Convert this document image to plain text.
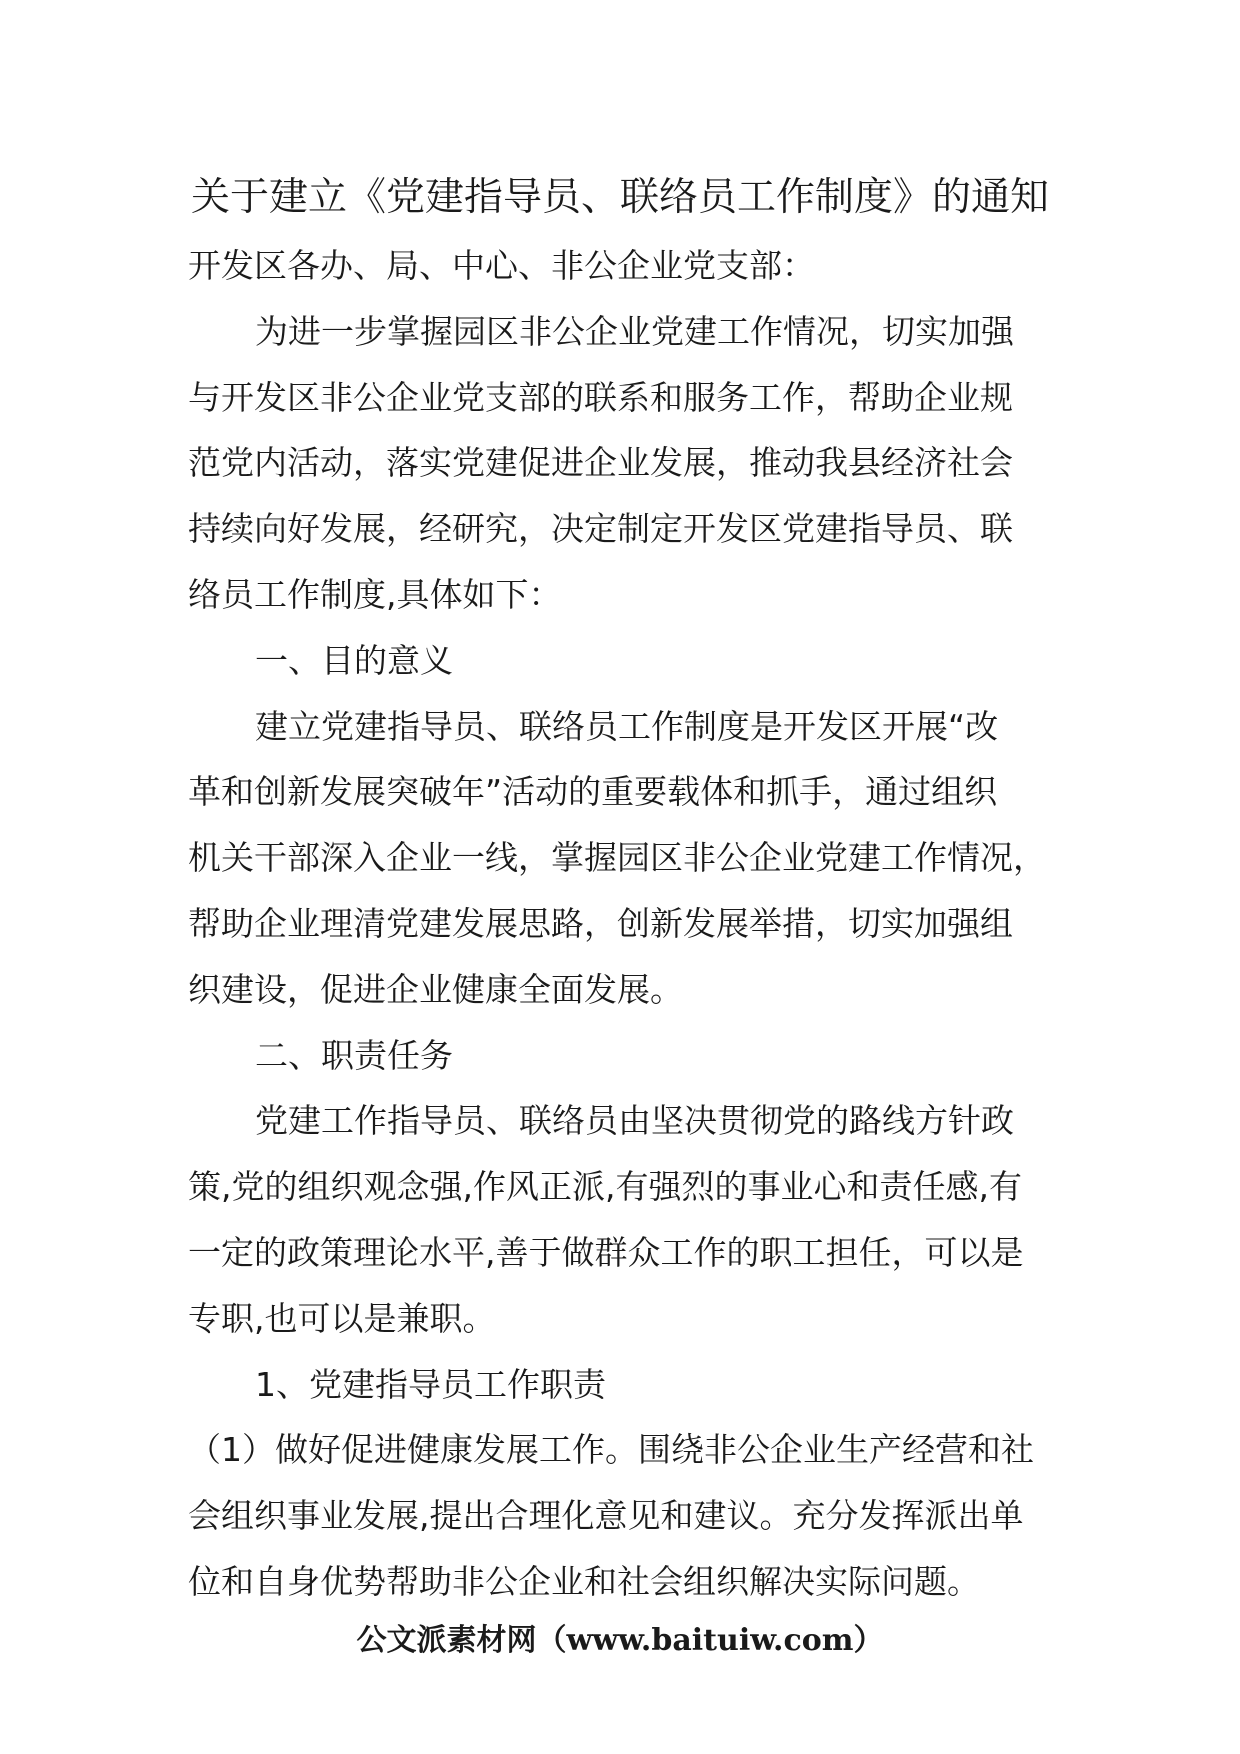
关于建立《党建指导员、联络员工作制度》的通知
开发区各办、局、中心、非公企业党支部：
为进一步掌握园区非公企业党建工作情况，切实加强
与开发区非公企业党支部的联系和服务工作，帮助企业规
范党内活动，落实党建促进企业发展，推动我县经济社会
持续向好发展，经研究，决定制定开发区党建指导员、联
络员工作制度,具体如下：
一、目的意义
建立党建指导员、联络员工作制度是开发区开展“改
革和创新发展突破年”活动的重要载体和抓手，通过组织
机关干部深入企业一线，掌握园区非公企业党建工作情况，
帮助企业理清党建发展思路，创新发展举措，切实加强组
织建设，促进企业健康全面发展。
二、职责任务
党建工作指导员、联络员由坚决贯彻党的路线方针政
策,党的组织观念强,作风正派,有强烈的事业心和责任感,有
一定的政策理论水平,善于做群众工作的职工担任，可以是
专职,也可以是兼职。
1、党建指导员工作职责
（1）做好促进健康发展工作。围绕非公企业生产经营和社
会组织事业发展,提出合理化意见和建议。充分发挥派出单
位和自身优势帮助非公企业和社会组织解决实际问题。
公文派素材网（www.baituiw.com）
